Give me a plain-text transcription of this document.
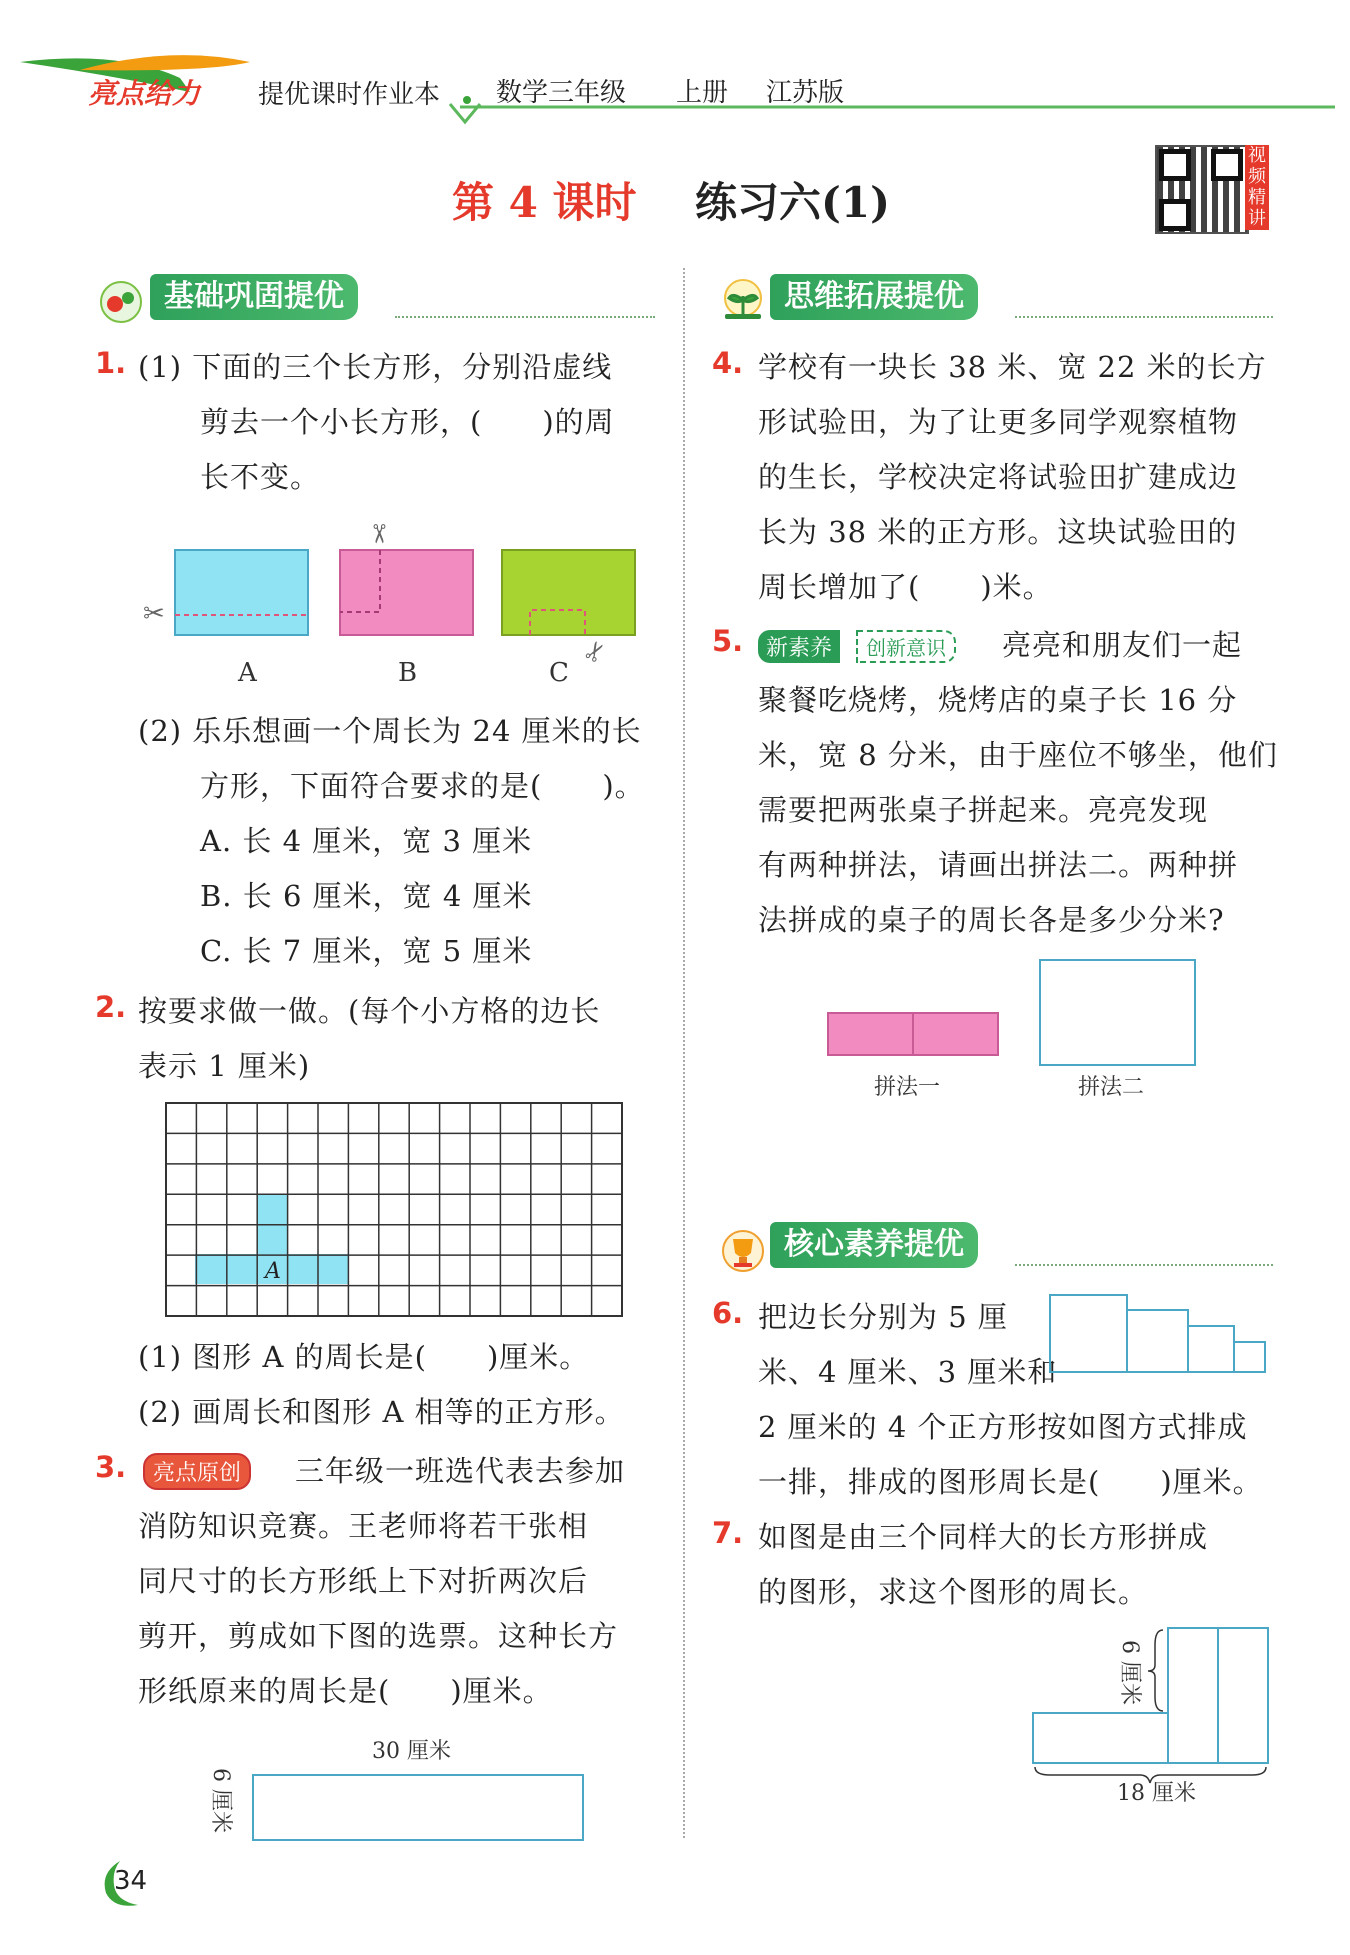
亮点给力 提优课时作业本 数学三年级 上册 江苏版
第 4 课时 练习六(1)
视频精讲
基础巩固提优
1. (1) 下面的三个长方形，分别沿虚线
剪去一个小长方形，(　　)的周
长不变。
✂
✂
✂
A	B	C
(2) 乐乐想画一个周长为 24 厘米的长
方形，下面符合要求的是(　　)。
A. 长 4 厘米，宽 3 厘米
B. 长 6 厘米，宽 4 厘米
C. 长 7 厘米，宽 5 厘米
2. 按要求做一做。(每个小方格的边长
表示 1 厘米)
A
(1) 图形 A 的周长是(　　)厘米。
(2) 画周长和图形 A 相等的正方形。
3.	亮点原创	三年级一班选代表去参加
消防知识竞赛。王老师将若干张相
同尺寸的长方形纸上下对折两次后
剪开，剪成如下图的选票。这种长方
形纸原来的周长是(　　)厘米。
30 厘米
6 厘米
思维拓展提优
4. 学校有一块长 38 米、宽 22 米的长方
形试验田，为了让更多同学观察植物
的生长，学校决定将试验田扩建成边
长为 38 米的正方形。这块试验田的
周长增加了(　　)米。
5.	新素养	创新意识	亮亮和朋友们一起
聚餐吃烧烤，烧烤店的桌子长 16 分
米，宽 8 分米，由于座位不够坐，他们
需要把两张桌子拼起来。亮亮发现
有两种拼法，请画出拼法二。两种拼
法拼成的桌子的周长各是多少分米?
拼法一	拼法二
核心素养提优
6. 把边长分别为 5 厘
米、4 厘米、3 厘米和
2 厘米的 4 个正方形按如图方式排成
一排，排成的图形周长是(　　)厘米。
7. 如图是由三个同样大的长方形拼成
的图形，求这个图形的周长。
6 厘米
18 厘米
34
